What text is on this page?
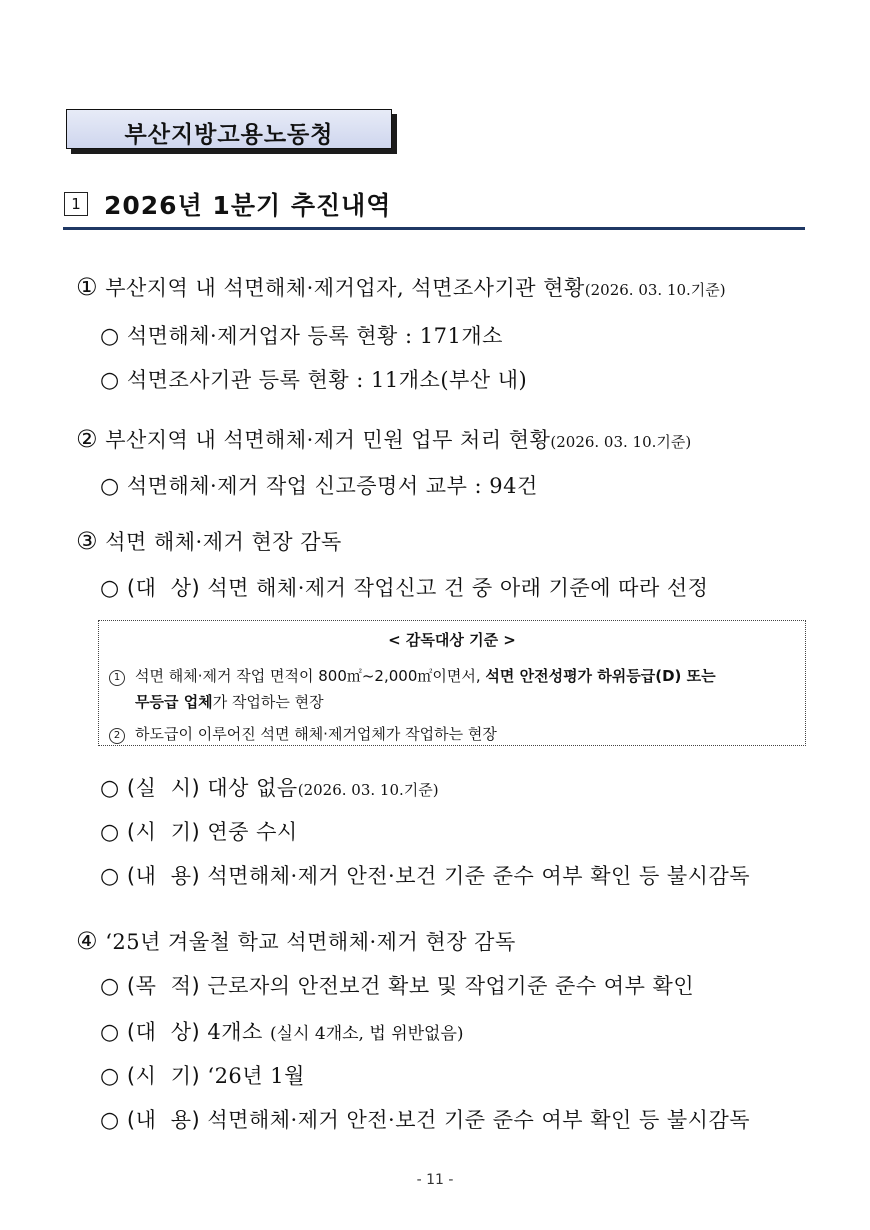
부산지방고용노동청
1 2026년 1분기 추진내역
① 부산지역 내 석면해체·제거업자, 석면조사기관 현황(2026. 03. 10.기준)
○ 석면해체·제거업자 등록 현황 : 171개소
○ 석면조사기관 등록 현황 : 11개소(부산 내)
② 부산지역 내 석면해체·제거 민원 업무 처리 현황(2026. 03. 10.기준)
○ 석면해체·제거 작업 신고증명서 교부 : 94건
③ 석면 해체·제거 현장 감독
○ (대  상) 석면 해체·제거 작업신고 건 중 아래 기준에 따라 선정
< 감독대상 기준 >
1 석면 해체·제거 작업 면적이 800㎡~2,000㎡이면서, 석면 안전성평가 하위등급(D) 또는
무등급 업체가 작업하는 현장
2 하도급이 이루어진 석면 해체·제거업체가 작업하는 현장
○ (실  시) 대상 없음(2026. 03. 10.기준)
○ (시  기) 연중 수시
○ (내  용) 석면해체·제거 안전·보건 기준 준수 여부 확인 등 불시감독
④ ‘25년 겨울철 학교 석면해체·제거 현장 감독
○ (목  적) 근로자의 안전보건 확보 및 작업기준 준수 여부 확인
○ (대  상) 4개소 (실시 4개소, 법 위반없음)
○ (시  기) ‘26년 1월
○ (내  용) 석면해체·제거 안전·보건 기준 준수 여부 확인 등 불시감독
- 11 -
